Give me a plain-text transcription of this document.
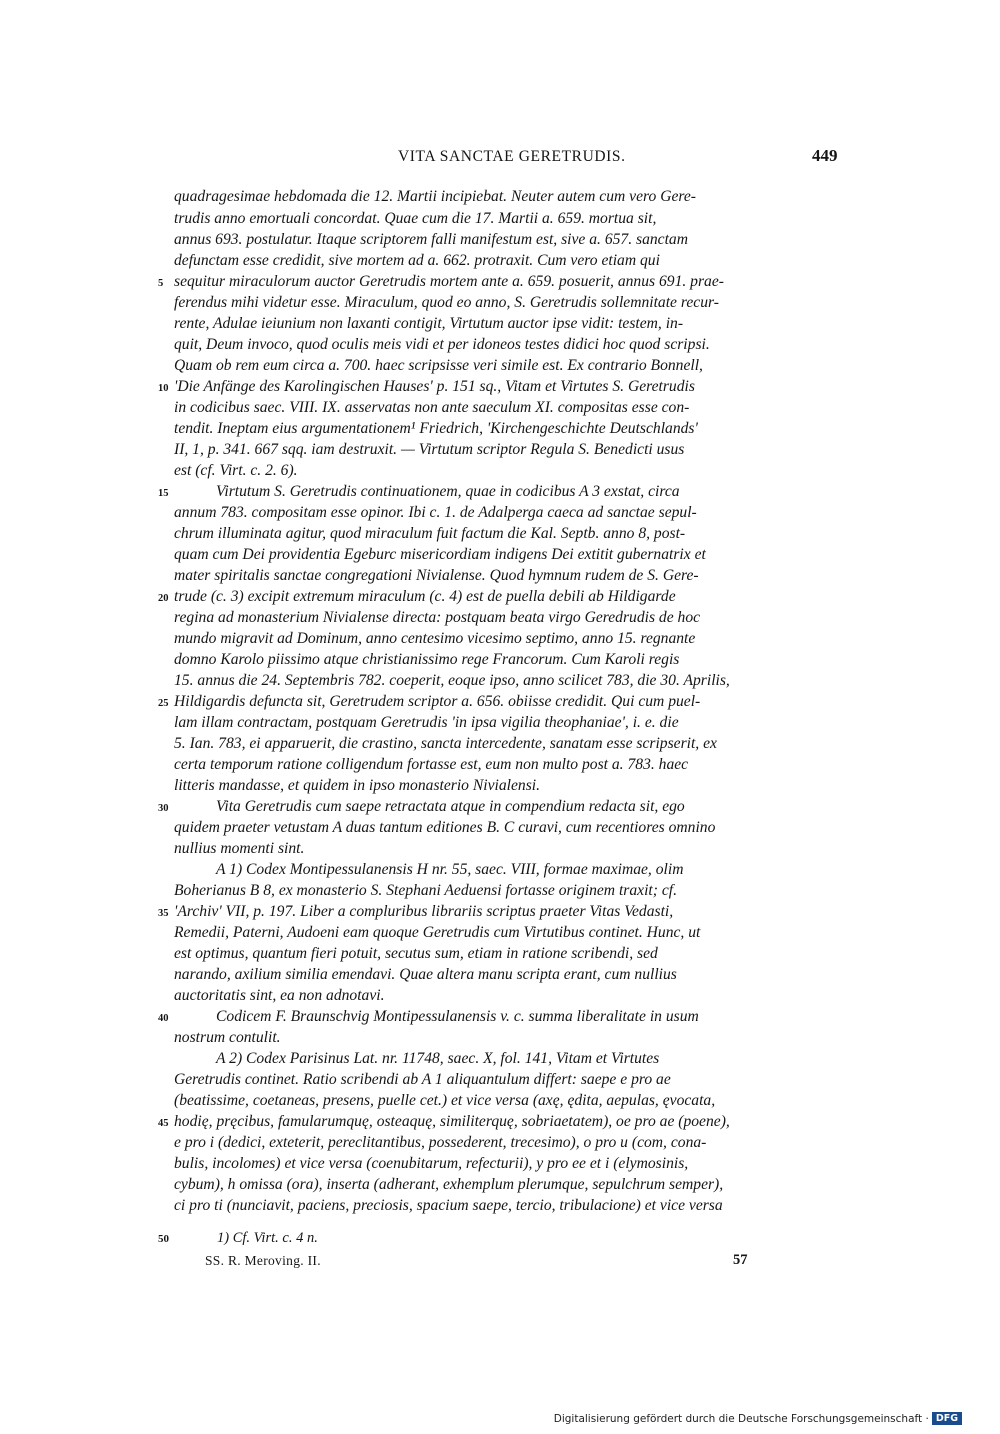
VITA SANCTAE GERETRUDIS.	449
quadragesimae hebdomada die 12. Martii incipiebat. Neuter autem cum vero Gere-
trudis anno emortuali concordat. Quae cum die 17. Martii a. 659. mortua sit,
annus 693. postulatur. Itaque scriptorem falli manifestum est, sive a. 657. sanctam
defunctam esse credidit, sive mortem ad a. 662. protraxit. Cum vero etiam qui
sequitur miraculorum auctor Geretrudis mortem ante a. 659. posuerit, annus 691. prae-
ferendus mihi videtur esse. Miraculum, quod eo anno, S. Geretrudis sollemnitate recur-
rente, Adulae ieiunium non laxanti contigit, Virtutum auctor ipse vidit: testem, in-
quit, Deum invoco, quod oculis meis vidi et per idoneos testes didici hoc quod scripsi.
Quam ob rem eum circa a. 700. haec scripsisse veri simile est. Ex contrario Bonnell,
'Die Anfänge des Karolingischen Hauses' p. 151 sq., Vitam et Virtutes S. Geretrudis
in codicibus saec. VIII. IX. asservatas non ante saeculum XI. compositas esse con-
tendit. Ineptam eius argumentationem¹ Friedrich, 'Kirchengeschichte Deutschlands'
II, 1, p. 341. 667 sqq. iam destruxit. — Virtutum scriptor Regula S. Benedicti usus
est (cf. Virt. c. 2. 6).
Virtutum S. Geretrudis continuationem, quae in codicibus A 3 exstat, circa
annum 783. compositam esse opinor. Ibi c. 1. de Adalperga caeca ad sanctae sepul-
chrum illuminata agitur, quod miraculum fuit factum die Kal. Septb. anno 8, post-
quam cum Dei providentia Egeburc misericordiam indigens Dei extitit gubernatrix et
mater spiritalis sanctae congregationi Nivialense. Quod hymnum rudem de S. Gere-
trude (c. 3) excipit extremum miraculum (c. 4) est de puella debili ab Hildigarde
regina ad monasterium Nivialense directa: postquam beata virgo Geredrudis de hoc
mundo migravit ad Dominum, anno centesimo vicesimo septimo, anno 15. regnante
domno Karolo piissimo atque christianissimo rege Francorum. Cum Karoli regis
15. annus die 24. Septembris 782. coeperit, eoque ipso, anno scilicet 783, die 30. Aprilis,
Hildigardis defuncta sit, Geretrudem scriptor a. 656. obiisse credidit. Qui cum puel-
lam illam contractam, postquam Geretrudis 'in ipsa vigilia theophaniae', i. e. die
5. Ian. 783, ei apparuerit, die crastino, sancta intercedente, sanatam esse scripserit, ex
certa temporum ratione colligendum fortasse est, eum non multo post a. 783. haec
litteris mandasse, et quidem in ipso monasterio Nivialensi.
Vita Geretrudis cum saepe retractata atque in compendium redacta sit, ego
quidem praeter vetustam A duas tantum editiones B. C curavi, cum recentiores omnino
nullius momenti sint.
A 1) Codex Montipessulanensis H nr. 55, saec. VIII, formae maximae, olim
Boherianus B 8, ex monasterio S. Stephani Aeduensi fortasse originem traxit; cf.
'Archiv' VII, p. 197. Liber a compluribus librariis scriptus praeter Vitas Vedasti,
Remedii, Paterni, Audoeni eam quoque Geretrudis cum Virtutibus continet. Hunc, ut
est optimus, quantum fieri potuit, secutus sum, etiam in ratione scribendi, sed
narando, axilium similia emendavi. Quae altera manu scripta erant, cum nullius
auctoritatis sint, ea non adnotavi.
Codicem F. Braunschvig Montipessulanensis v. c. summa liberalitate in usum
nostrum contulit.
A 2) Codex Parisinus Lat. nr. 11748, saec. X, fol. 141, Vitam et Virtutes
Geretrudis continet. Ratio scribendi ab A 1 aliquantulum differt: saepe e pro ae
(beatissime, coetaneas, presens, puelle cet.) et vice versa (axę, ędita, aepulas, ęvocata,
hodię, pręcibus, famularumquę, osteaquę, similiterquę, sobriaetatem), oe pro ae (poene),
e pro i (dedici, exteterit, pereclitantibus, possederent, trecesimo), o pro u (com, cona-
bulis, incolomes) et vice versa (coenubitarum, refecturii), y pro ee et i (elymosinis,
cybum), h omissa (ora), inserta (adherant, exhemplum plerumque, sepulchrum semper),
ci pro ti (nunciavit, paciens, preciosis, spacium saepe, tercio, tribulacione) et vice versa
5
10
15
20
25
30
35
40
45
50	1) Cf. Virt. c. 4 n.
SS. R. Meroving. II.	57
Digitalisierung gefördert durch die Deutsche Forschungsgemeinschaft · DFG
